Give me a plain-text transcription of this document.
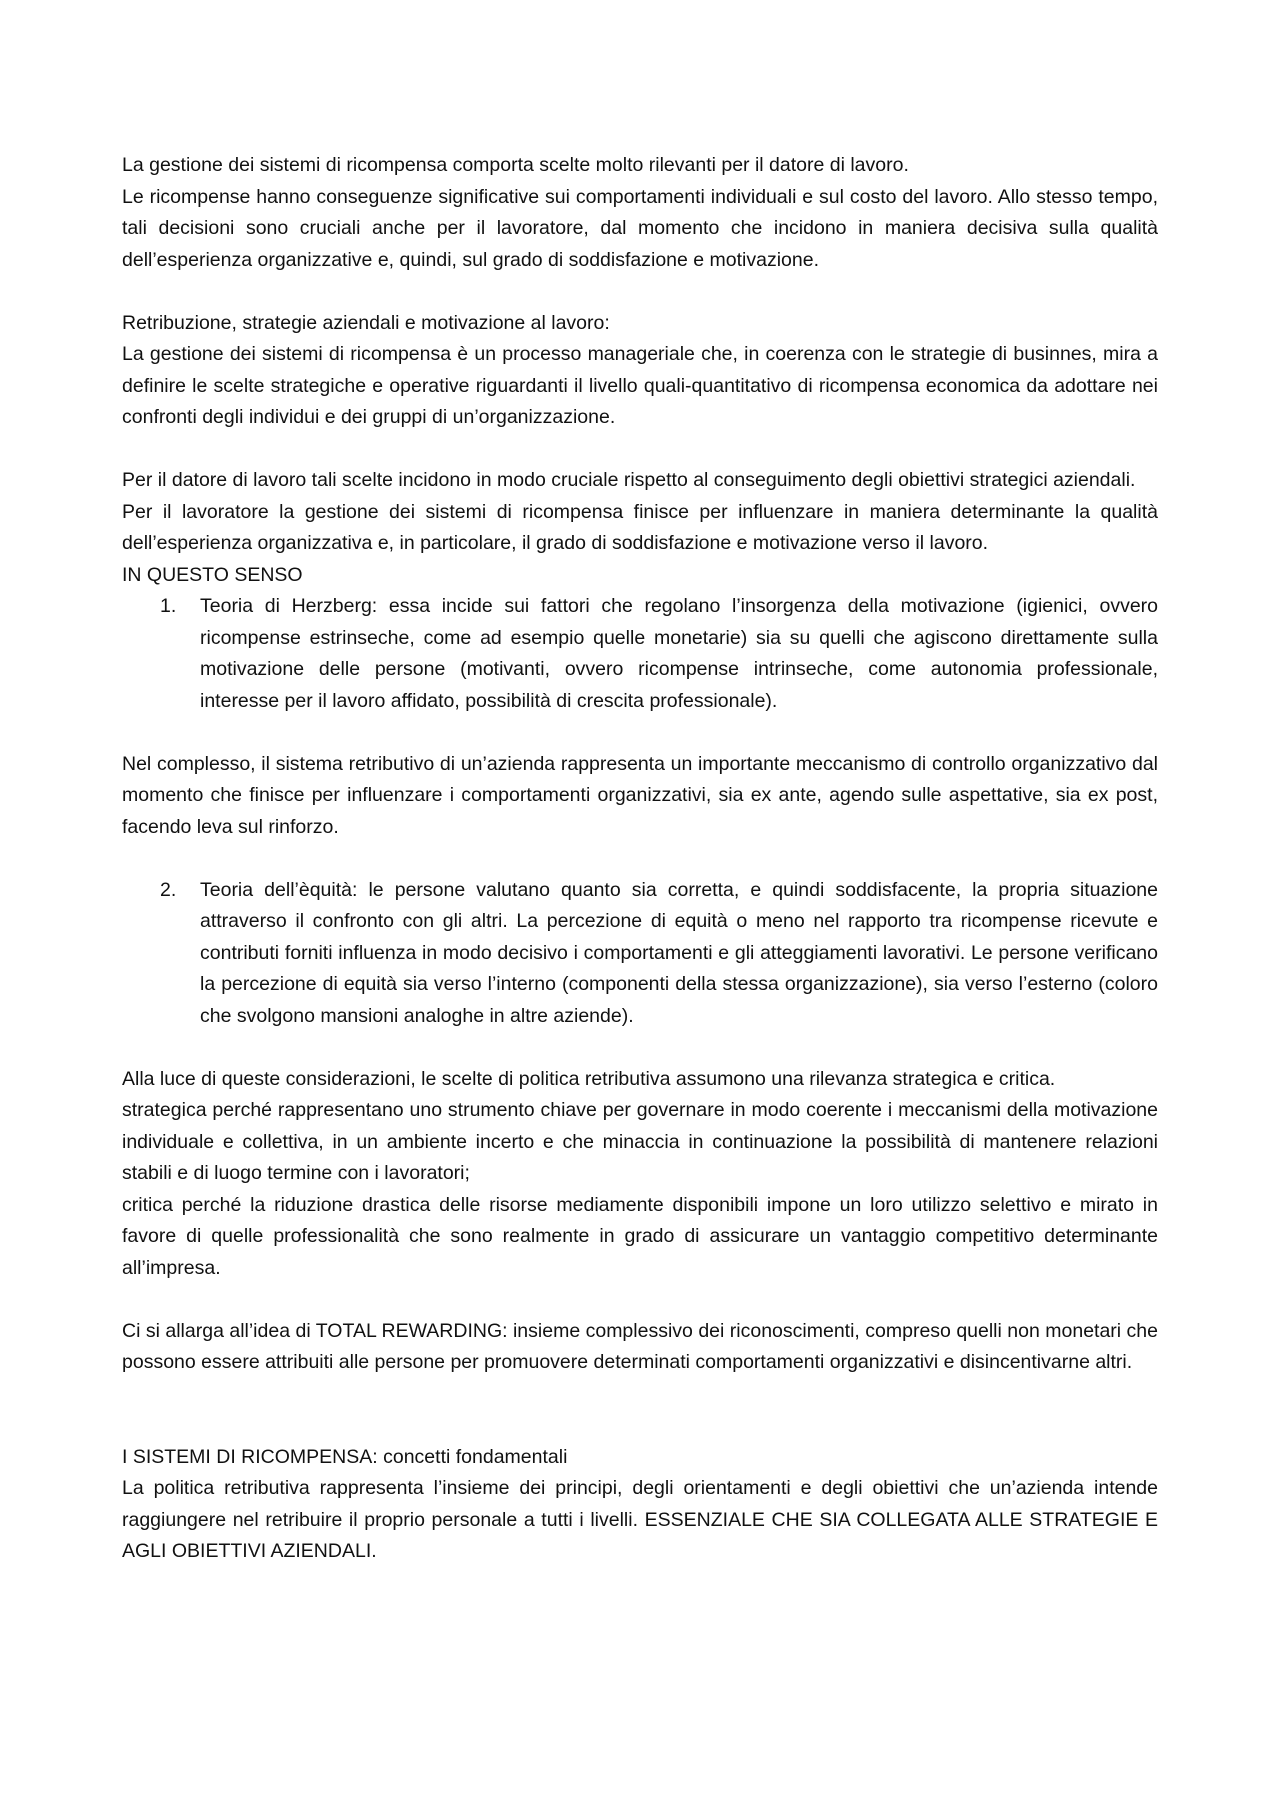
La gestione dei sistemi di ricompensa comporta scelte molto rilevanti per il datore di lavoro.

Le ricompense hanno conseguenze significative sui comportamenti individuali e sul costo del lavoro. Allo stesso tempo, tali decisioni sono cruciali anche per il lavoratore, dal momento che incidono in maniera decisiva sulla qualità dell’esperienza organizzative e, quindi, sul grado di soddisfazione e motivazione.

Retribuzione, strategie aziendali e motivazione al lavoro:

La gestione dei sistemi di ricompensa è un processo manageriale che, in coerenza con le strategie di businnes, mira a definire le scelte strategiche e operative riguardanti il livello quali-quantitativo di ricompensa economica da adottare nei confronti degli individui e dei gruppi di un’organizzazione.

Per il datore di lavoro tali scelte incidono in modo cruciale rispetto al conseguimento degli obiettivi strategici aziendali.

Per il lavoratore la gestione dei sistemi di ricompensa finisce per influenzare in maniera determinante la qualità dell’esperienza organizzativa e, in particolare, il grado di soddisfazione e motivazione verso il lavoro.

IN QUESTO SENSO

1. Teoria di Herzberg: essa incide sui fattori che regolano l’insorgenza della motivazione (igienici, ovvero ricompense estrinseche, come ad esempio quelle monetarie) sia su quelli che agiscono direttamente sulla motivazione delle persone (motivanti, ovvero ricompense intrinseche, come autonomia professionale, interesse per il lavoro affidato, possibilità di crescita professionale).

Nel complesso, il sistema retributivo di un’azienda rappresenta un importante meccanismo di controllo organizzativo dal momento che finisce per influenzare i comportamenti organizzativi, sia ex ante, agendo sulle aspettative, sia ex post, facendo leva sul rinforzo.

2. Teoria dell’èquità: le persone valutano quanto sia corretta, e quindi soddisfacente, la propria situazione attraverso il confronto con gli altri. La percezione di equità o meno nel rapporto tra ricompense ricevute e contributi forniti influenza in modo decisivo i comportamenti e gli atteggiamenti lavorativi. Le persone verificano la percezione di equità sia verso l’interno (componenti della stessa organizzazione), sia verso l’esterno (coloro che svolgono mansioni analoghe in altre aziende).

Alla luce di queste considerazioni, le scelte di politica retributiva assumono una rilevanza strategica e critica.

strategica perché rappresentano uno strumento chiave per governare in modo coerente i meccanismi della motivazione individuale e collettiva, in un ambiente incerto e che minaccia in continuazione la possibilità di mantenere relazioni stabili e di luogo termine con i lavoratori;

critica perché la riduzione drastica delle risorse mediamente disponibili impone un loro utilizzo selettivo e mirato in favore di quelle professionalità che sono realmente in grado di assicurare un vantaggio competitivo determinante all’impresa.

Ci si allarga all’idea di TOTAL REWARDING: insieme complessivo dei riconoscimenti, compreso quelli non monetari che possono essere attribuiti alle persone per promuovere determinati comportamenti organizzativi e disincentivarne altri.

I SISTEMI DI RICOMPENSA: concetti fondamentali

La politica retributiva rappresenta l’insieme dei principi, degli orientamenti e degli obiettivi che un’azienda intende raggiungere nel retribuire il proprio personale a tutti i livelli. ESSENZIALE CHE SIA COLLEGATA ALLE STRATEGIE E AGLI OBIETTIVI AZIENDALI.
